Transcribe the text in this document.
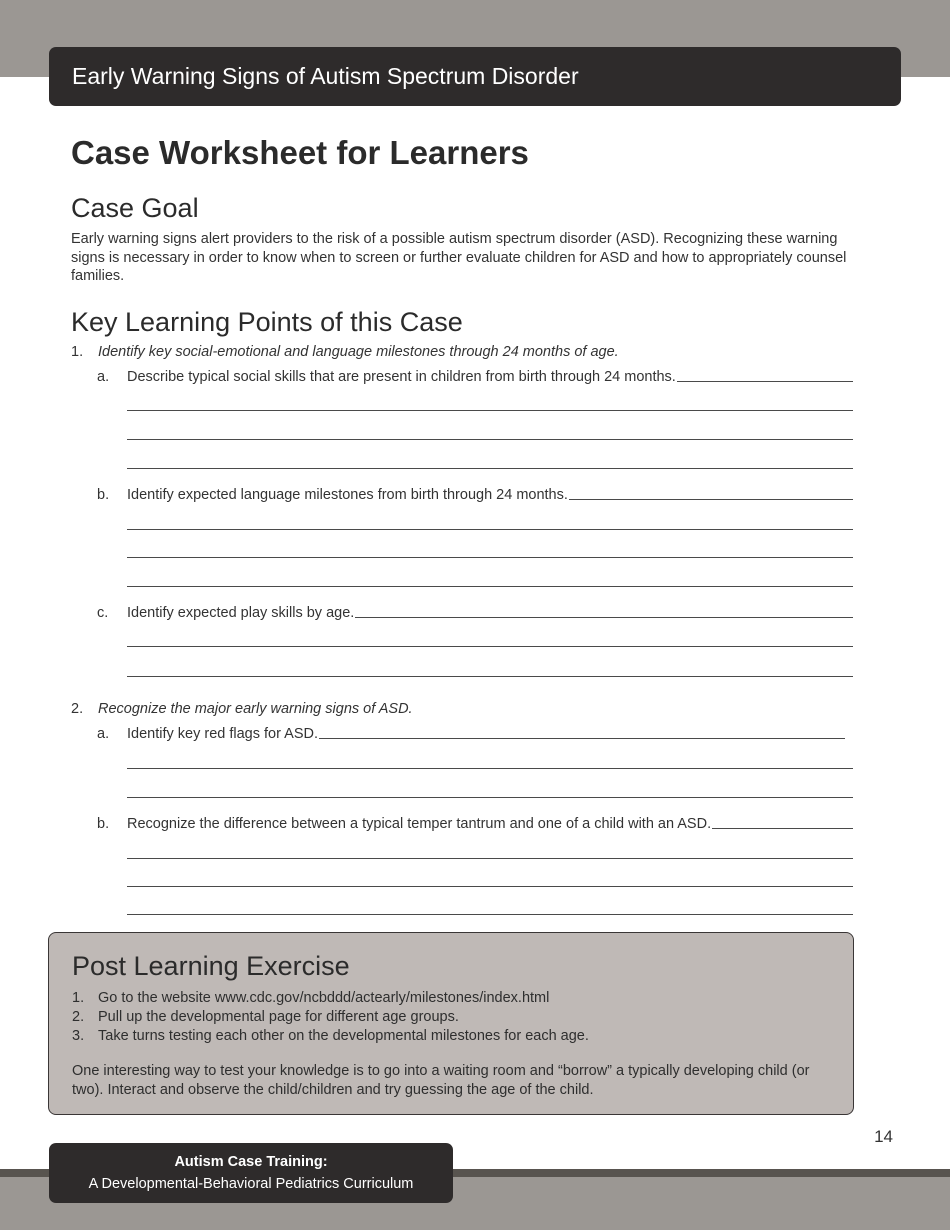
Early Warning Signs of Autism Spectrum Disorder
Case Worksheet for Learners
Case Goal

Early warning signs alert providers to the risk of a possible autism spectrum disorder (ASD). Recognizing these warning signs is necessary in order to know when to screen or further evaluate children for ASD and how to appropriately counsel families.

Key Learning Points of this Case
1. Identify key social-emotional and language milestones through 24 months of age.
a.	Describe typical social skills that are present in children from birth through 24 months.
b.	Identify expected language milestones from birth through 24 months.
c.	Identify expected play skills by age.
2. Recognize the major early warning signs of ASD.
a.	Identify key red flags for ASD.
b.	Recognize the difference between a typical temper tantrum and one of a child with an ASD.
Post Learning Exercise
1. Go to the website www.cdc.gov/ncbddd/actearly/milestones/index.html
2. Pull up the developmental page for different age groups.
3. Take turns testing each other on the developmental milestones for each age.

One interesting way to test your knowledge is to go into a waiting room and “borrow” a typically developing child (or two). Interact and observe the child/children and try guessing the age of the child.

14
Autism Case Training:
A Developmental-Behavioral Pediatrics Curriculum
